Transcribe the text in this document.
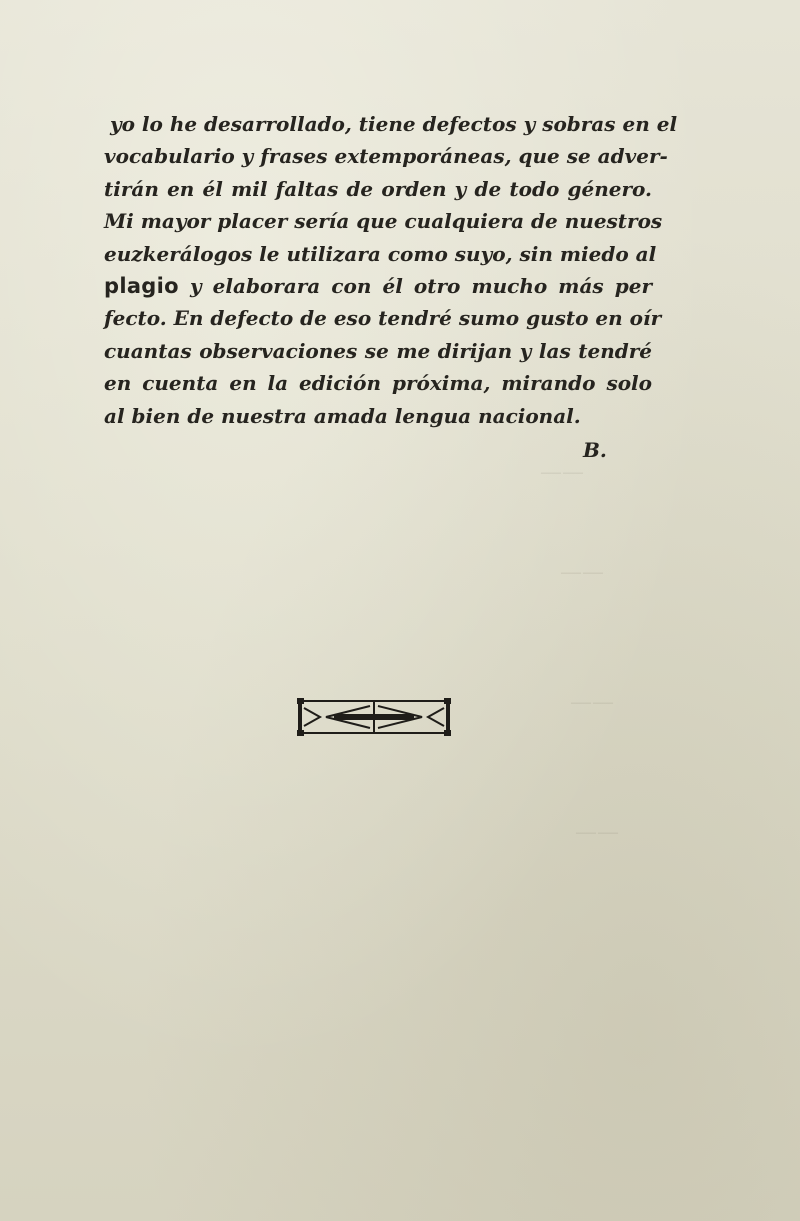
——
——
——
——
yo lo he desarrollado, tiene defectos y sobras en el
vocabulario y frases extemporáneas, que se adver-
tirán en él mil faltas de orden y de todo género.
Mi mayor placer sería que cualquiera de nuestros
euzkerálogos le utilizara como suyo, sin miedo al
plagio y elaborara con él otro mucho más per
fecto. En defecto de eso tendré sumo gusto en oír
cuantas observaciones se me dirijan y las tendré
en cuenta en la edición próxima, mirando solo
al bien de nuestra amada lengua nacional.
B.
